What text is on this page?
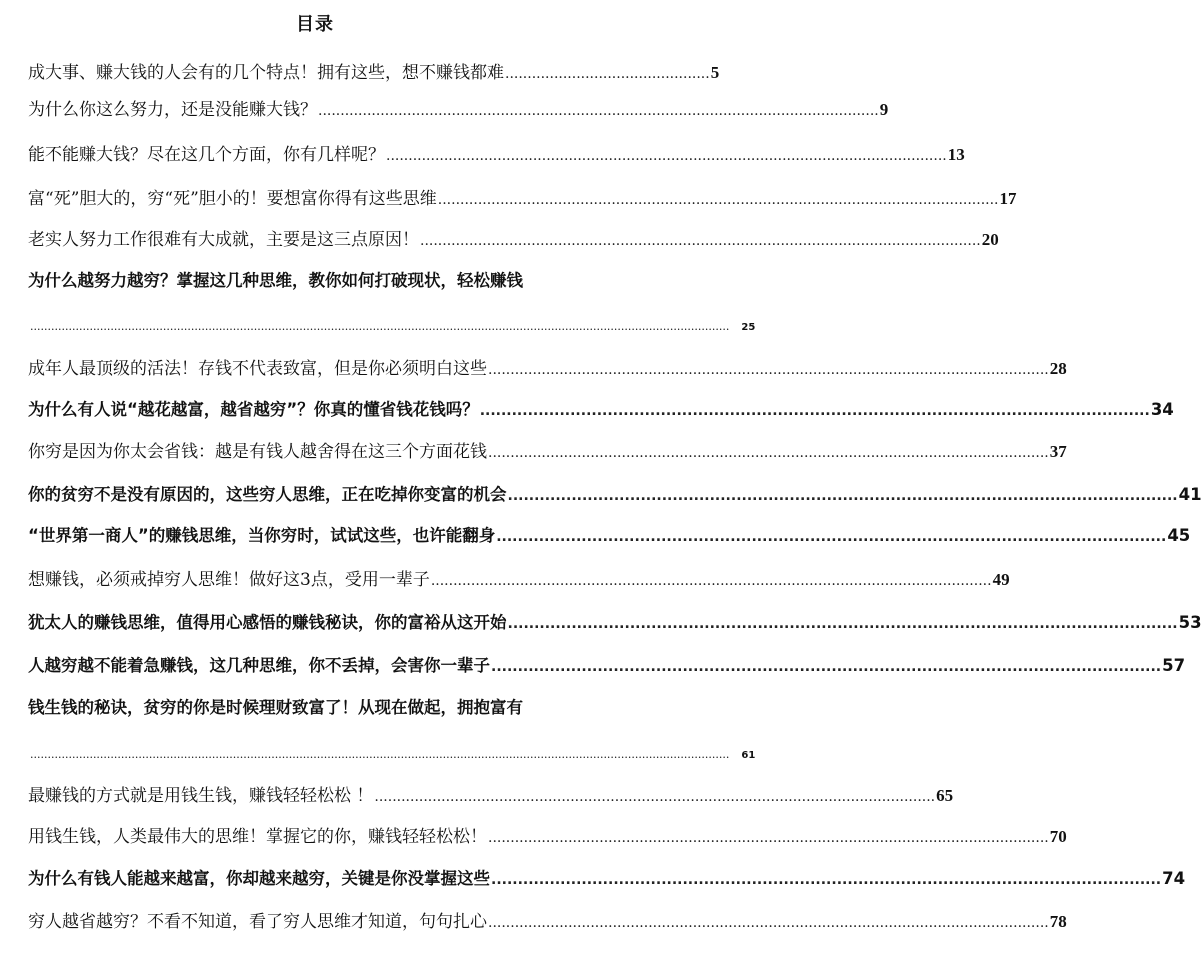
目录
成大事、赚大钱的人会有的几个特点！拥有这些，想不赚钱都难 .............................................. 5
为什么你这么努力，还是没能赚大钱？ .............................................................................................................................. 9
能不能赚大钱？尽在这几个方面，你有几样呢？ .............................................................................................................................. 13
富“死”胆大的，穷“死”胆小的！要想富你得有这些思维 .............................................................................................................................. 17
老实人努力工作很难有大成就，主要是这三点原因！ .............................................................................................................................. 20
为什么越努力越穷？掌握这几种思维，教你如何打破现状，轻松赚钱
........................................................................................................................................................................................................	25
成年人最顶级的活法！存钱不代表致富，但是你必须明白这些 .............................................................................................................................. 28
为什么有人说“越花越富，越省越穷”？你真的懂省钱花钱吗？ .............................................................................................................................. 34
你穷是因为你太会省钱：越是有钱人越舍得在这三个方面花钱 .............................................................................................................................. 37
你的贫穷不是没有原因的，这些穷人思维，正在吃掉你变富的机会 .............................................................................................................................. 41
“世界第一商人”的赚钱思维，当你穷时，试试这些，也许能翻身 .............................................................................................................................. 45
想赚钱，必须戒掉穷人思维！做好这3点，受用一辈子 .............................................................................................................................. 49
犹太人的赚钱思维，值得用心感悟的赚钱秘诀，你的富裕从这开始 .............................................................................................................................. 53
人越穷越不能着急赚钱，这几种思维，你不丢掉，会害你一辈子 .............................................................................................................................. 57
钱生钱的秘诀，贫穷的你是时候理财致富了！从现在做起，拥抱富有
........................................................................................................................................................................................................	61
最赚钱的方式就是用钱生钱，赚钱轻轻松松 ！ .............................................................................................................................. 65
用钱生钱，人类最伟大的思维！掌握它的你，赚钱轻轻松松！ .............................................................................................................................. 70
为什么有钱人能越来越富，你却越来越穷，关键是你没掌握这些 .............................................................................................................................. 74
穷人越省越穷？不看不知道，看了穷人思维才知道，句句扎心 .............................................................................................................................. 78
